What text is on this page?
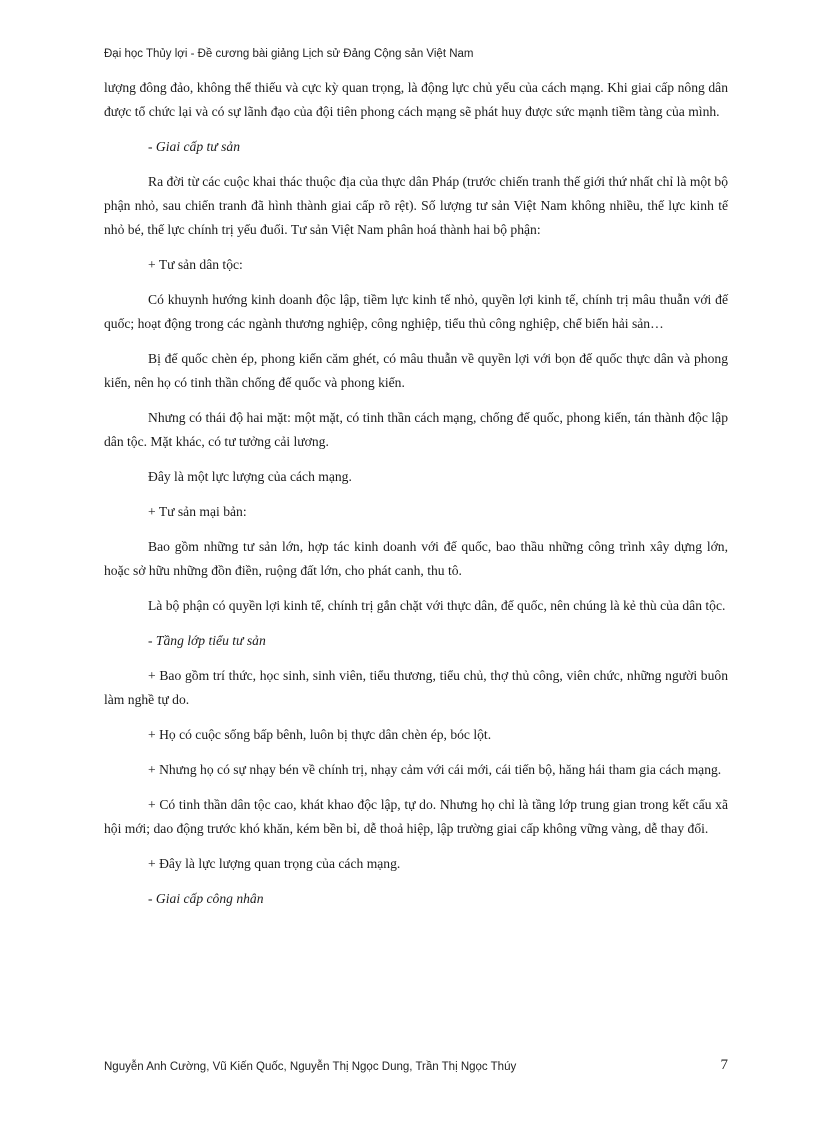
Đại học Thủy lợi - Đề cương bài giảng Lịch sử Đảng Cộng sản Việt Nam

lượng đông đảo, không thể thiếu và cực kỳ quan trọng, là động lực chủ yếu của cách mạng. Khi giai cấp nông dân được tổ chức lại và có sự lãnh đạo của đội tiên phong cách mạng sẽ phát huy được sức mạnh tiềm tàng của mình.

- Giai cấp tư sản

Ra đời từ các cuộc khai thác thuộc địa của thực dân Pháp (trước chiến tranh thế giới thứ nhất chỉ là một bộ phận nhỏ, sau chiến tranh đã hình thành giai cấp rõ rệt). Số lượng tư sản Việt Nam không nhiều, thế lực kinh tế nhỏ bé, thế lực chính trị yếu đuối. Tư sản Việt Nam phân hoá thành hai bộ phận:

+ Tư sản dân tộc:

Có khuynh hướng kinh doanh độc lập, tiềm lực kinh tế nhỏ, quyền lợi kinh tế, chính trị mâu thuẫn với đế quốc; hoạt động trong các ngành thương nghiệp, công nghiệp, tiểu thủ công nghiệp, chế biến hải sản…

Bị đế quốc chèn ép, phong kiến căm ghét, có mâu thuẫn về quyền lợi với bọn đế quốc thực dân và phong kiến, nên họ có tinh thần chống đế quốc và phong kiến.

Nhưng có thái độ hai mặt: một mặt, có tinh thần cách mạng, chống đế quốc, phong kiến, tán thành độc lập dân tộc. Mặt khác, có tư tưởng cải lương.

Đây là một lực lượng của cách mạng.

+ Tư sản mại bản:

Bao gồm những tư sản lớn, hợp tác kinh doanh với đế quốc, bao thầu những công trình xây dựng lớn, hoặc sở hữu những đồn điền, ruộng đất lớn, cho phát canh, thu tô.

Là bộ phận có quyền lợi kinh tế, chính trị gắn chặt với thực dân, đế quốc, nên chúng là kẻ thù của dân tộc.

- Tầng lớp tiểu tư sản

+ Bao gồm trí thức, học sinh, sinh viên, tiểu thương, tiểu chủ, thợ thủ công, viên chức, những người buôn làm nghề tự do.

+ Họ có cuộc sống bấp bênh, luôn bị thực dân chèn ép, bóc lột.

+ Nhưng họ có sự nhạy bén về chính trị, nhạy cảm với cái mới, cái tiến bộ, hăng hái tham gia cách mạng.

+ Có tinh thần dân tộc cao, khát khao độc lập, tự do. Nhưng họ chỉ là tầng lớp trung gian trong kết cấu xã hội mới; dao động trước khó khăn, kém bền bỉ, dễ thoả hiệp, lập trường giai cấp không vững vàng, dễ thay đổi.

+ Đây là lực lượng quan trọng của cách mạng.

- Giai cấp công nhân

Nguyễn Anh Cường, Vũ Kiến Quốc, Nguyễn Thị Ngọc Dung, Trần Thị Ngọc Thúy	7
